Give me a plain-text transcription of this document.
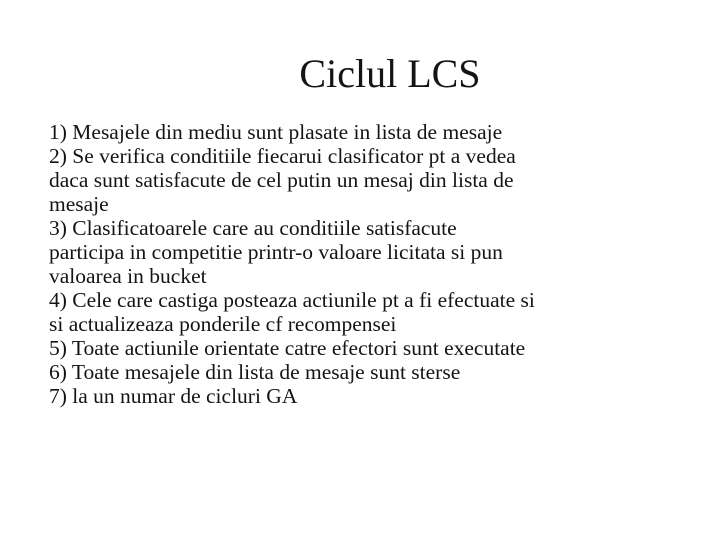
Ciclul LCS
1) Mesajele din mediu sunt plasate in lista de mesaje
2) Se verifica conditiile fiecarui clasificator pt a vedea
daca sunt satisfacute de cel putin un mesaj din lista de
mesaje
3) Clasificatoarele care au conditiile satisfacute
participa in competitie printr-o valoare licitata si pun
valoarea in bucket
4) Cele care castiga posteaza actiunile pt a fi efectuate si
si actualizeaza ponderile cf recompensei
5) Toate actiunile orientate catre efectori sunt executate
6) Toate mesajele din lista de mesaje sunt sterse
7) la un numar de cicluri GA
